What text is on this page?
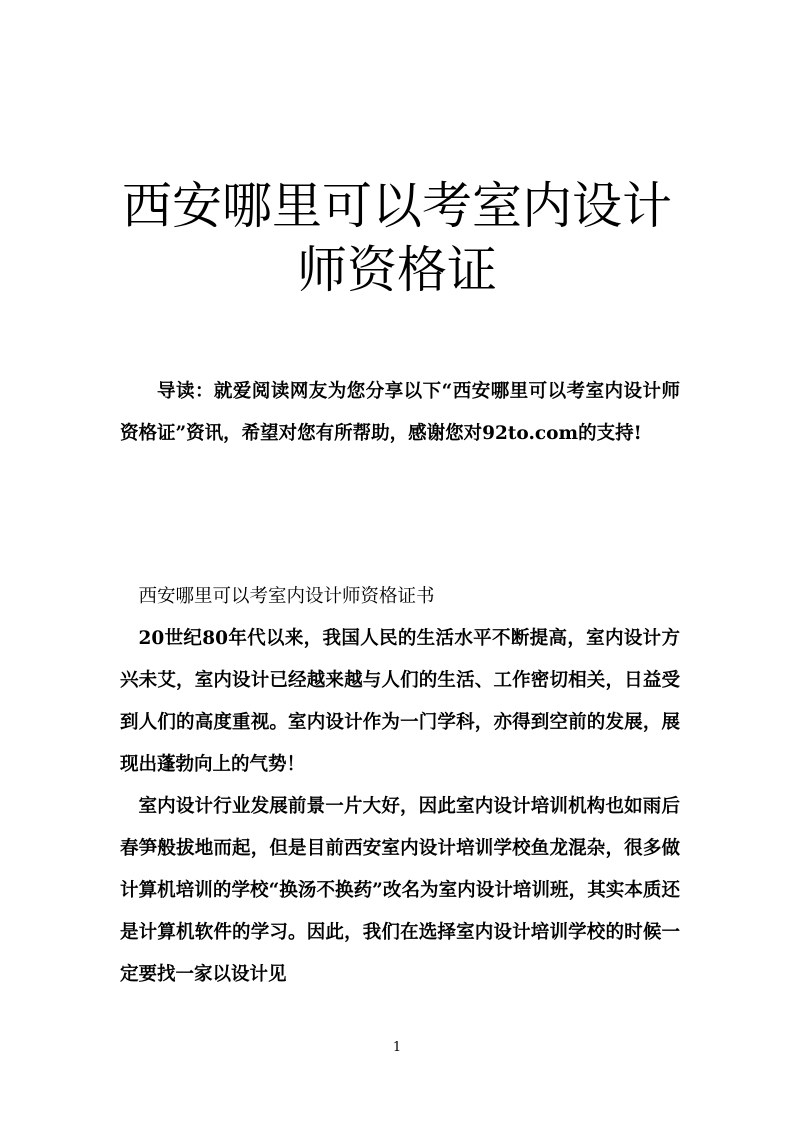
西安哪里可以考室内设计
师资格证

导读：就爱阅读网友为您分享以下“西安哪里可以考室内设计师资格证”资讯，希望对您有所帮助，感谢您对92to.com的支持!

西安哪里可以考室内设计师资格证书

20世纪80年代以来，我国人民的生活水平不断提高，室内设计方兴未艾，室内设计已经越来越与人们的生活、工作密切相关，日益受到人们的高度重视。室内设计作为一门学科，亦得到空前的发展，展现出蓬勃向上的气势！

室内设计行业发展前景一片大好，因此室内设计培训机构也如雨后春笋般拔地而起，但是目前西安室内设计培训学校鱼龙混杂，很多做计算机培训的学校“换汤不换药”改名为室内设计培训班，其实本质还是计算机软件的学习。因此，我们在选择室内设计培训学校的时候一定要找一家以设计见

1
